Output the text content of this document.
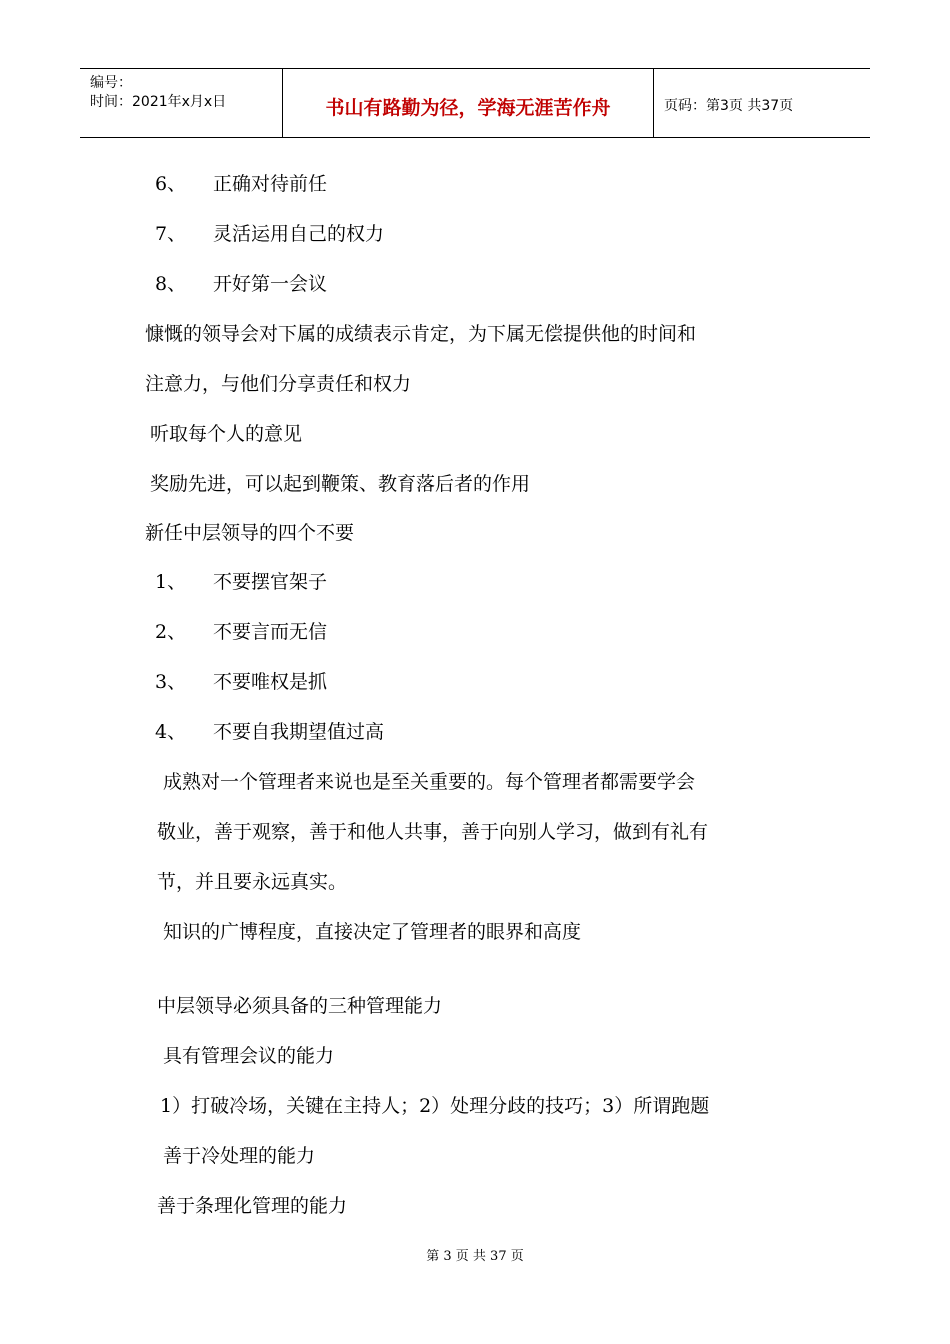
编号：
时间：2021年x月x日	书山有路勤为径，学海无涯苦作舟	页码：第3页 共37页
6、 正确对待前任
7、 灵活运用自己的权力
8、 开好第一会议
慷慨的领导会对下属的成绩表示肯定，为下属无偿提供他的时间和
注意力，与他们分享责任和权力
听取每个人的意见
奖励先进，可以起到鞭策、教育落后者的作用
新任中层领导的四个不要
1、 不要摆官架子
2、 不要言而无信
3、 不要唯权是抓
4、 不要自我期望值过高
成熟对一个管理者来说也是至关重要的。每个管理者都需要学会
敬业，善于观察，善于和他人共事，善于向别人学习，做到有礼有
节，并且要永远真实。
知识的广博程度，直接决定了管理者的眼界和高度
中层领导必须具备的三种管理能力
具有管理会议的能力
1）打破冷场，关键在主持人；2）处理分歧的技巧；3）所谓跑题
善于冷处理的能力
善于条理化管理的能力
第 3 页 共 37 页
